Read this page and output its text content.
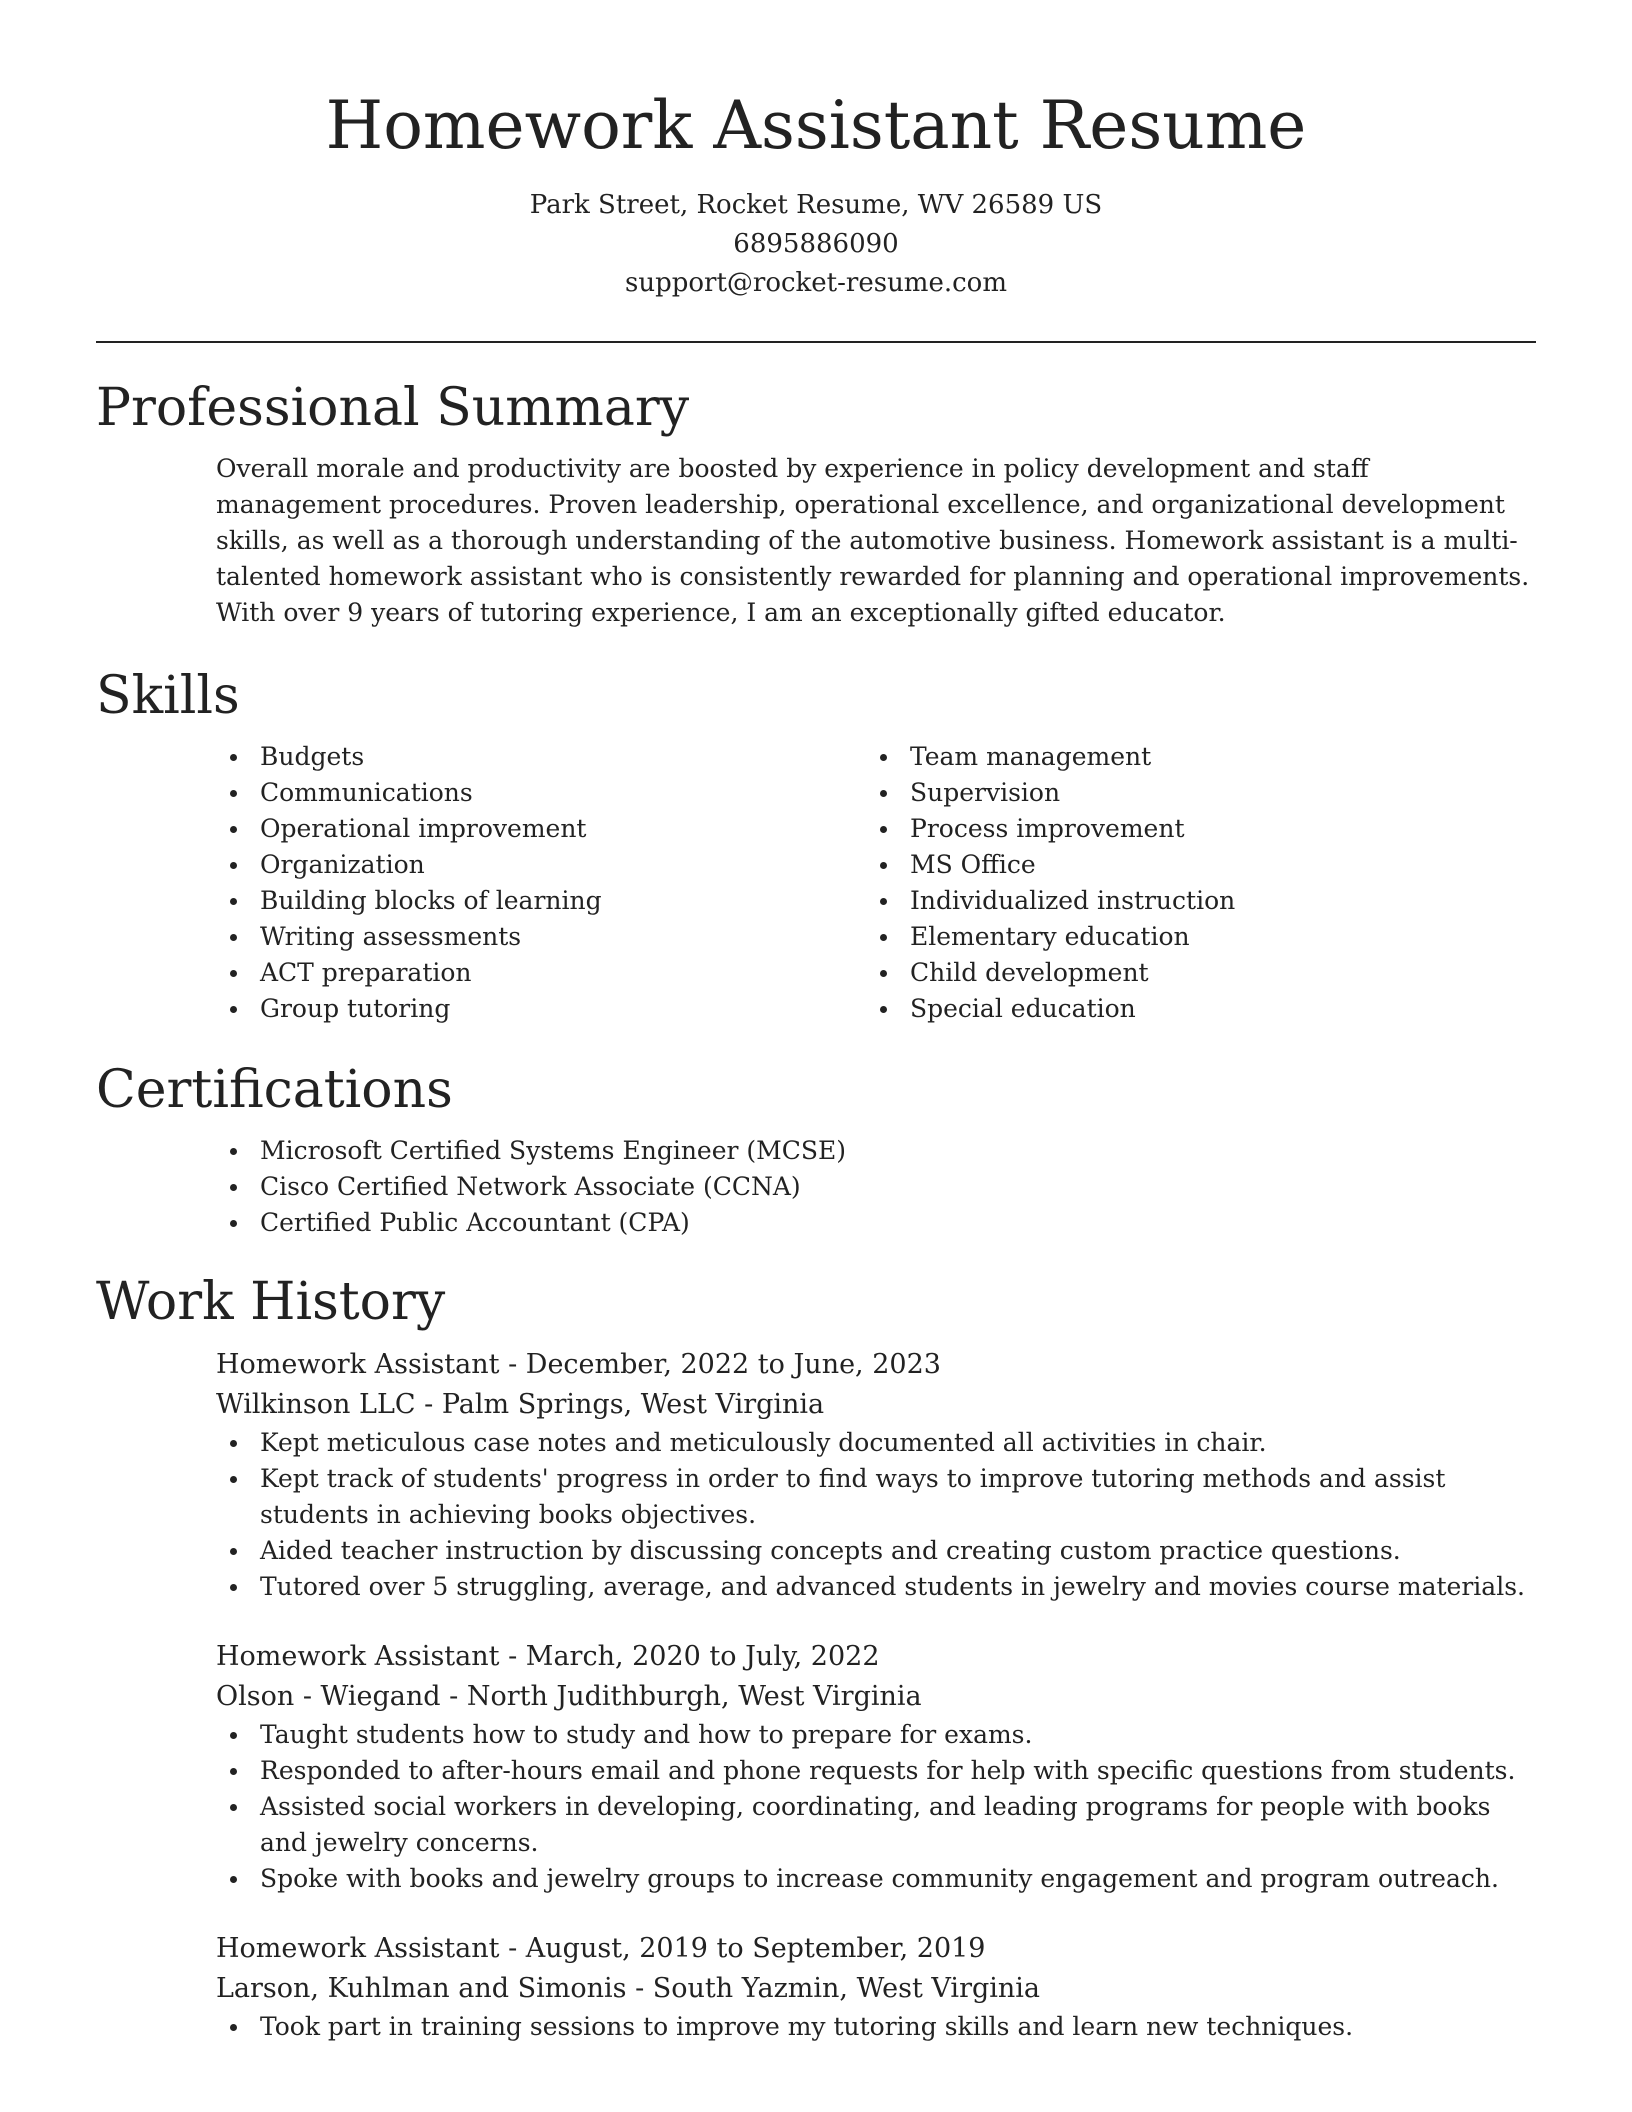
Homework Assistant Resume
Park Street, Rocket Resume, WV 26589 US
6895886090
support@rocket-resume.com
Professional Summary
Overall morale and productivity are boosted by experience in policy development and staff management procedures. Proven leadership, operational excellence, and organizational development skills, as well as a thorough understanding of the automotive business. Homework assistant is a multi-talented homework assistant who is consistently rewarded for planning and operational improvements. With over 9 years of tutoring experience, I am an exceptionally gifted educator.
Skills
Budgets
Communications
Operational improvement
Organization
Building blocks of learning
Writing assessments
ACT preparation
Group tutoring
Team management
Supervision
Process improvement
MS Office
Individualized instruction
Elementary education
Child development
Special education
Certifications
Microsoft Certified Systems Engineer (MCSE)
Cisco Certified Network Associate (CCNA)
Certified Public Accountant (CPA)
Work History
Homework Assistant - December, 2022 to June, 2023
Wilkinson LLC - Palm Springs, West Virginia
Kept meticulous case notes and meticulously documented all activities in chair.
Kept track of students' progress in order to find ways to improve tutoring methods and assist students in achieving books objectives.
Aided teacher instruction by discussing concepts and creating custom practice questions.
Tutored over 5 struggling, average, and advanced students in jewelry and movies course materials.
Homework Assistant - March, 2020 to July, 2022
Olson - Wiegand - North Judithburgh, West Virginia
Taught students how to study and how to prepare for exams.
Responded to after-hours email and phone requests for help with specific questions from students.
Assisted social workers in developing, coordinating, and leading programs for people with books and jewelry concerns.
Spoke with books and jewelry groups to increase community engagement and program outreach.
Homework Assistant - August, 2019 to September, 2019
Larson, Kuhlman and Simonis - South Yazmin, West Virginia
Took part in training sessions to improve my tutoring skills and learn new techniques.
